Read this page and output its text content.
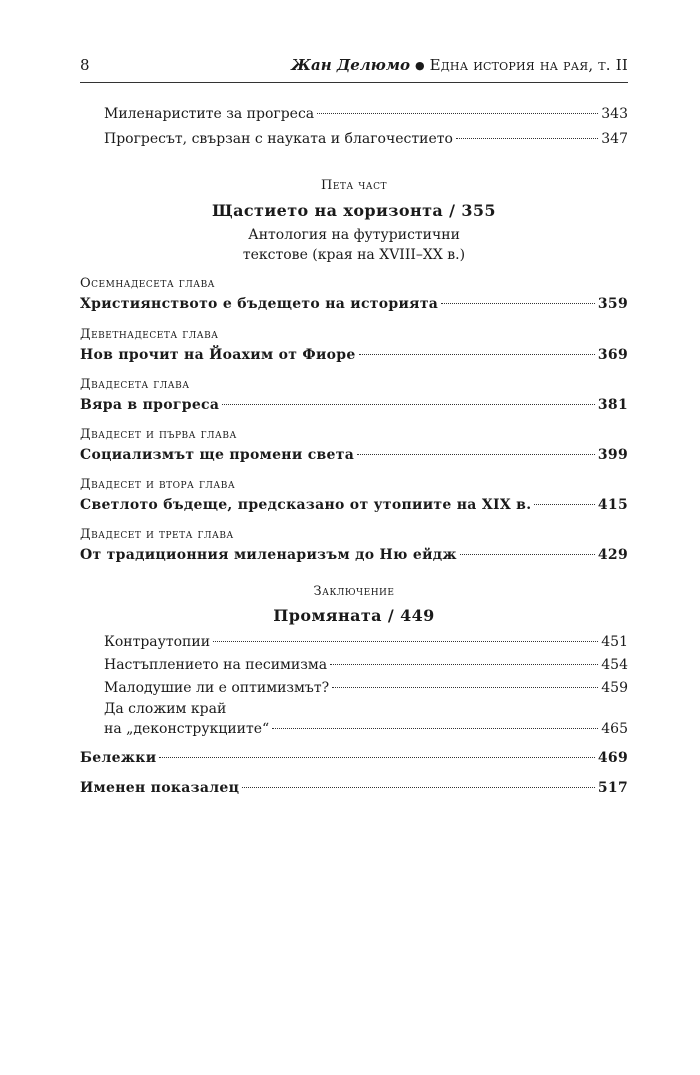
8	Жан Делюмо ● Една история на рая, т. II
Миленаристите за прогреса	343
Прогресът, свързан с науката и благочестието	347
Пета част
Щастието на хоризонта / 355
Антология на футуристични
текстове (края на XVIII–XX в.)
Осемнадесета глава
Християнството е бъдещето на историята	359
Деветнадесета глава
Нов прочит на Йоахим от Фиоре	369
Двадесета глава
Вяра в прогреса	381
Двадесет и първа глава
Социализмът ще промени света	399
Двадесет и втора глава
Светлото бъдеще, предсказано от утопиите на XIX в.	415
Двадесет и трета глава
От традиционния миленаризъм до Ню ейдж	429
Заключение
Промяната / 449
Контраутопии	451
Настъплението на песимизма	454
Малодушие ли е оптимизмът?	459
Да сложим край
на „деконструкциите“	465
Бележки	469
Именен показалец	517
